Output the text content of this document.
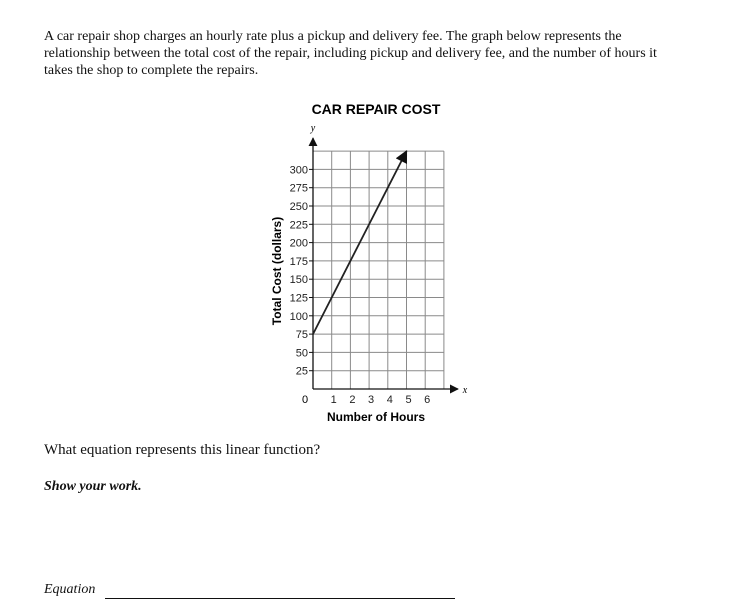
A car repair shop charges an hourly rate plus a pickup and delivery fee. The graph below represents the
relationship between the total cost of the repair, including pickup and delivery fee, and the number of hours it
takes the shop to complete the repairs.
CAR REPAIR COST
25
50
75
100
125
150
175
200
225
250
275
300
1 2 3 4 5 6
Total Cost (dollars)
Number of Hours
0
y
x
What equation represents this linear function?
Show your work.
Equation
